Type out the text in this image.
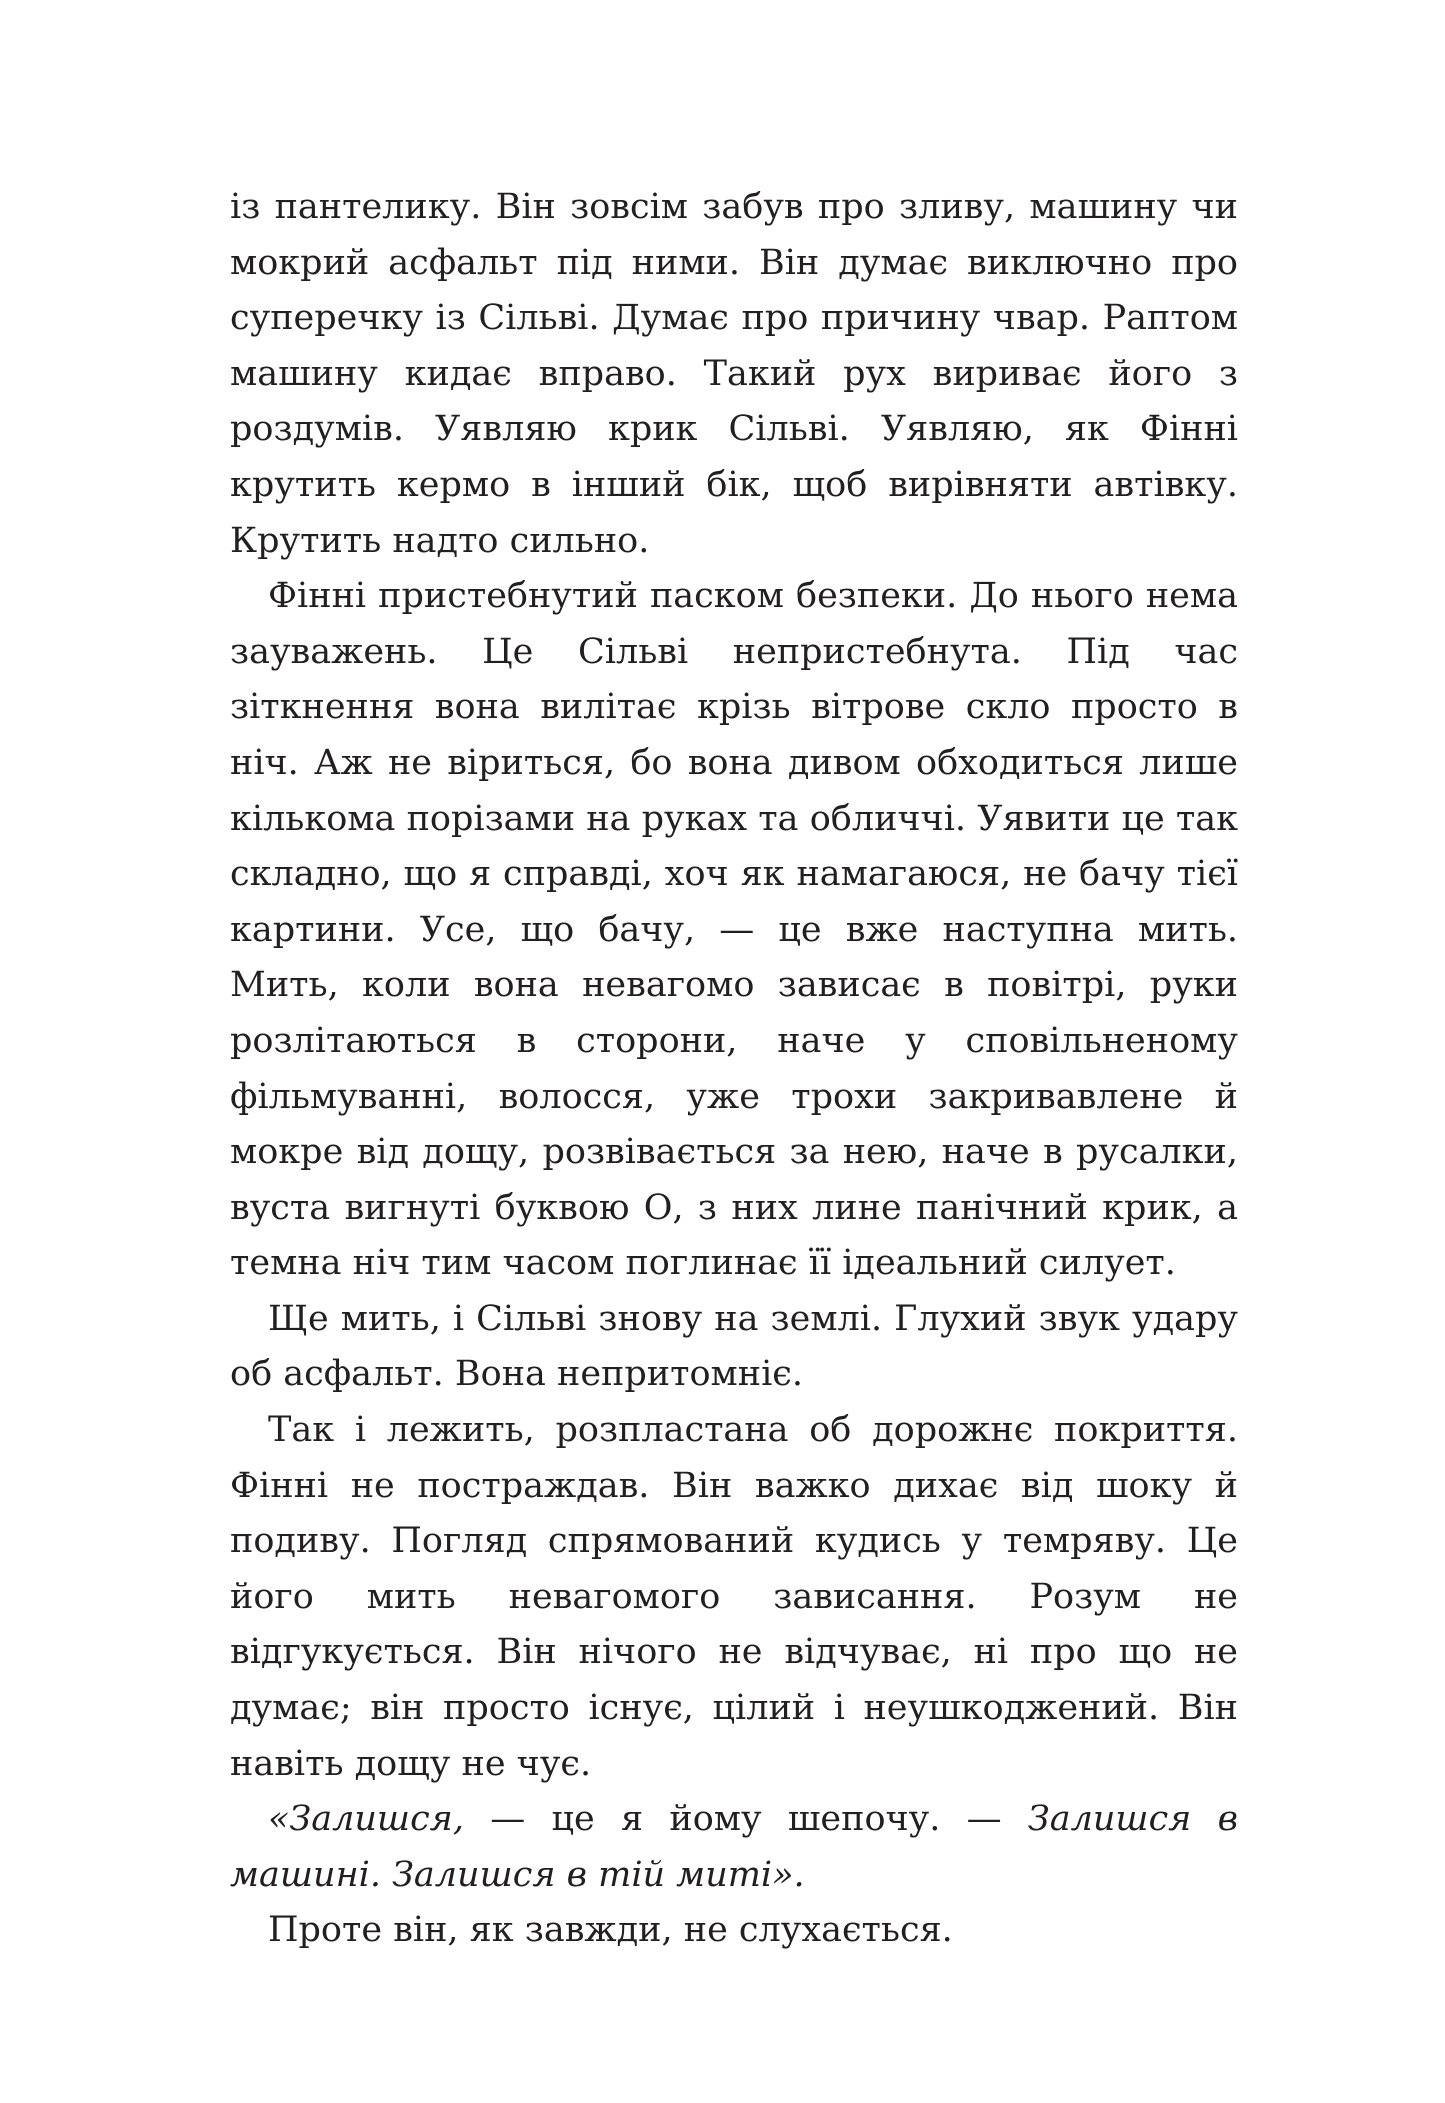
із пантелику. Він зовсім забув про зливу, машину чи мокрий асфальт під ними. Він думає виключно про суперечку із Сільві. Думає про причину чвар. Раптом машину кидає вправо. Такий рух вириває його з роздумів. Уявляю крик Сільві. Уявляю, як Фінні крутить кермо в інший бік, щоб вирівняти автівку. Крутить надто сильно.

Фінні пристебнутий паском безпеки. До нього нема зауважень. Це Сільві непристебнута. Під час зіткнення вона вилітає крізь вітрове скло просто в ніч. Аж не віриться, бо вона дивом обходиться лише кількома порізами на руках та обличчі. Уявити це так складно, що я справді, хоч як намагаюся, не бачу тієї картини. Усе, що бачу, — це вже наступна мить. Мить, коли вона невагомо зависає в повітрі, руки розлітаються в сторони, наче у сповільненому фільмуванні, волосся, уже трохи закривавлене й мокре від дощу, розвівається за нею, наче в русалки, вуста вигнуті буквою О, з них лине панічний крик, а темна ніч тим часом поглинає її ідеальний силует.

Ще мить, і Сільві знову на землі. Глухий звук удару об асфальт. Вона непритомніє.

Так і лежить, розпластана об дорожнє покриття. Фінні не постраждав. Він важко дихає від шоку й подиву. Погляд спрямований кудись у темряву. Це його мить невагомого зависання. Розум не відгукується. Він нічого не відчуває, ні про що не думає; він просто існує, цілий і неушкоджений. Він навіть дощу не чує.

«Залишся, — це я йому шепочу. — Залишся в машині. Залишся в тій миті».

Проте він, як завжди, не слухається.
